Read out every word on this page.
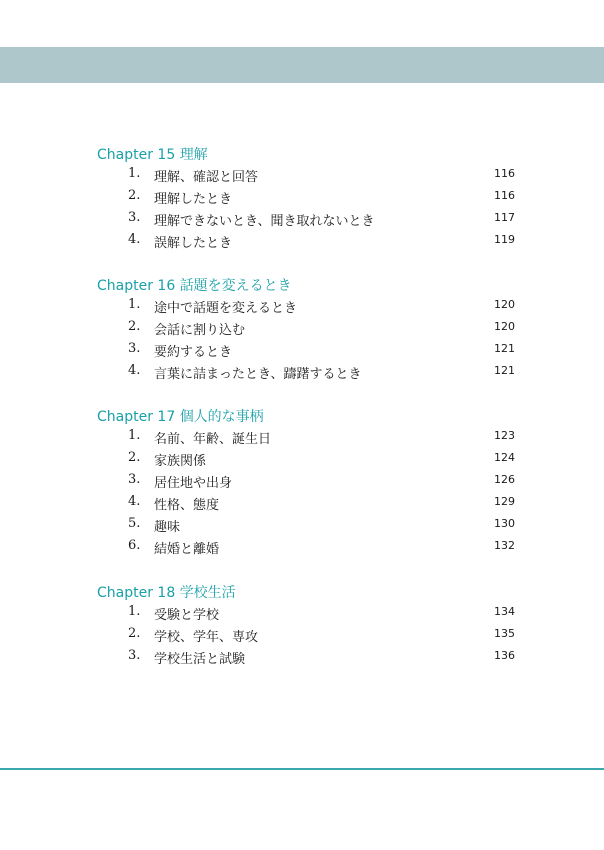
Chapter 15 理解
1. 理解、確認と回答	116
2. 理解したとき	116
3. 理解できないとき、聞き取れないとき	117
4. 誤解したとき	119
Chapter 16 話題を変えるとき
1. 途中で話題を変えるとき	120
2. 会話に割り込む	120
3. 要約するとき	121
4. 言葉に詰まったとき、躊躇するとき	121
Chapter 17 個人的な事柄
1. 名前、年齢、誕生日	123
2. 家族関係	124
3. 居住地や出身	126
4. 性格、態度	129
5. 趣味	130
6. 結婚と離婚	132
Chapter 18 学校生活
1. 受験と学校	134
2. 学校、学年、専攻	135
3. 学校生活と試験	136
